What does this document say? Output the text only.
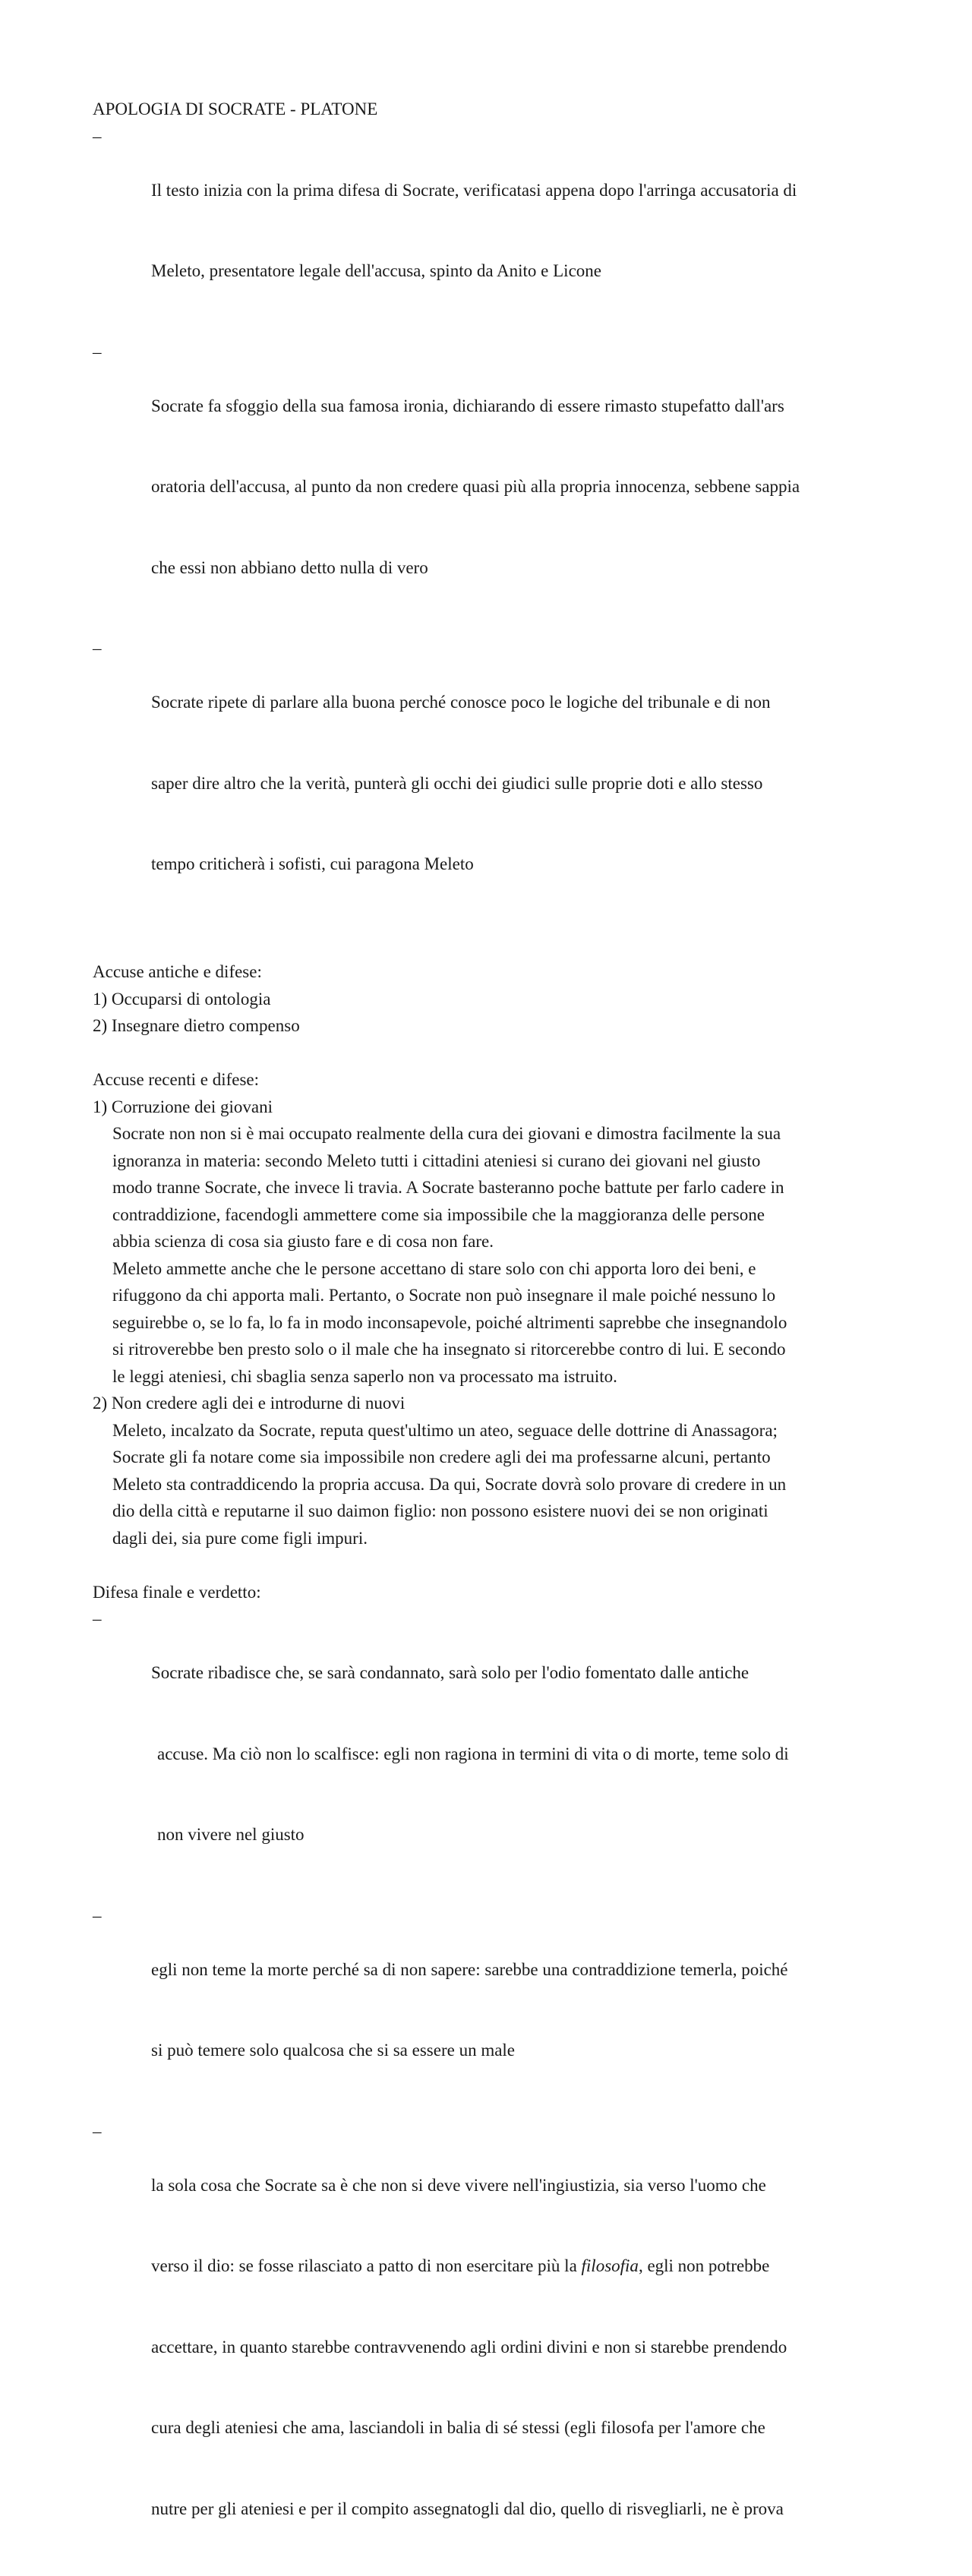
APOLOGIA DI SOCRATE - PLATONE
–

Il testo inizia con la prima difesa di Socrate, verificatasi appena dopo l'arringa accusatoria di

Meleto, presentatore legale dell'accusa, spinto da Anito e Licone

–

Socrate fa sfoggio della sua famosa ironia, dichiarando di essere rimasto stupefatto dall'ars

oratoria dell'accusa, al punto da non credere quasi più alla propria innocenza, sebbene sappia

che essi non abbiano detto nulla di vero

–

Socrate ripete di parlare alla buona perché conosce poco le logiche del tribunale e di non

saper dire altro che la verità, punterà gli occhi dei giudici sulle proprie doti e allo stesso

tempo criticherà i sofisti, cui paragona Meleto

Accuse antiche e difese:
1) Occuparsi di ontologia
2) Insegnare dietro compenso
Accuse recenti e difese:
1) Corruzione dei giovani
Socrate non non si è mai occupato realmente della cura dei giovani e dimostra facilmente la sua
ignoranza in materia: secondo Meleto tutti i cittadini ateniesi si curano dei giovani nel giusto
modo tranne Socrate, che invece li travia. A Socrate basteranno poche battute per farlo cadere in
contraddizione, facendogli ammettere come sia impossibile che la maggioranza delle persone
abbia scienza di cosa sia giusto fare e di cosa non fare.
Meleto ammette anche che le persone accettano di stare solo con chi apporta loro dei beni, e
rifuggono da chi apporta mali. Pertanto, o Socrate non può insegnare il male poiché nessuno lo
seguirebbe o, se lo fa, lo fa in modo inconsapevole, poiché altrimenti saprebbe che insegnandolo
si ritroverebbe ben presto solo o il male che ha insegnato si ritorcerebbe contro di lui. E secondo
le leggi ateniesi, chi sbaglia senza saperlo non va processato ma istruito.
2) Non credere agli dei e introdurne di nuovi
Meleto, incalzato da Socrate, reputa quest'ultimo un ateo, seguace delle dottrine di Anassagora;
Socrate gli fa notare come sia impossibile non credere agli dei ma professarne alcuni, pertanto
Meleto sta contraddicendo la propria accusa. Da qui, Socrate dovrà solo provare di credere in un
dio della città e reputarne il suo daimon figlio: non possono esistere nuovi dei se non originati
dagli dei, sia pure come figli impuri.
Difesa finale e verdetto:
–

Socrate ribadisce che, se sarà condannato, sarà solo per l'odio fomentato dalle antiche

accuse. Ma ciò non lo scalfisce: egli non ragiona in termini di vita o di morte, teme solo di

non vivere nel giusto

–

egli non teme la morte perché sa di non sapere: sarebbe una contraddizione temerla, poiché

si può temere solo qualcosa che si sa essere un male

–

la sola cosa che Socrate sa è che non si deve vivere nell'ingiustizia, sia verso l'uomo che

verso il dio: se fosse rilasciato a patto di non esercitare più la filosofia, egli non potrebbe

accettare, in quanto starebbe contravvenendo agli ordini divini e non si starebbe prendendo

cura degli ateniesi che ama, lasciandoli in balia di sé stessi (egli filosofa per l'amore che

nutre per gli ateniesi e per il compito assegnatogli dal dio, quello di risvegliarli, ne è prova
